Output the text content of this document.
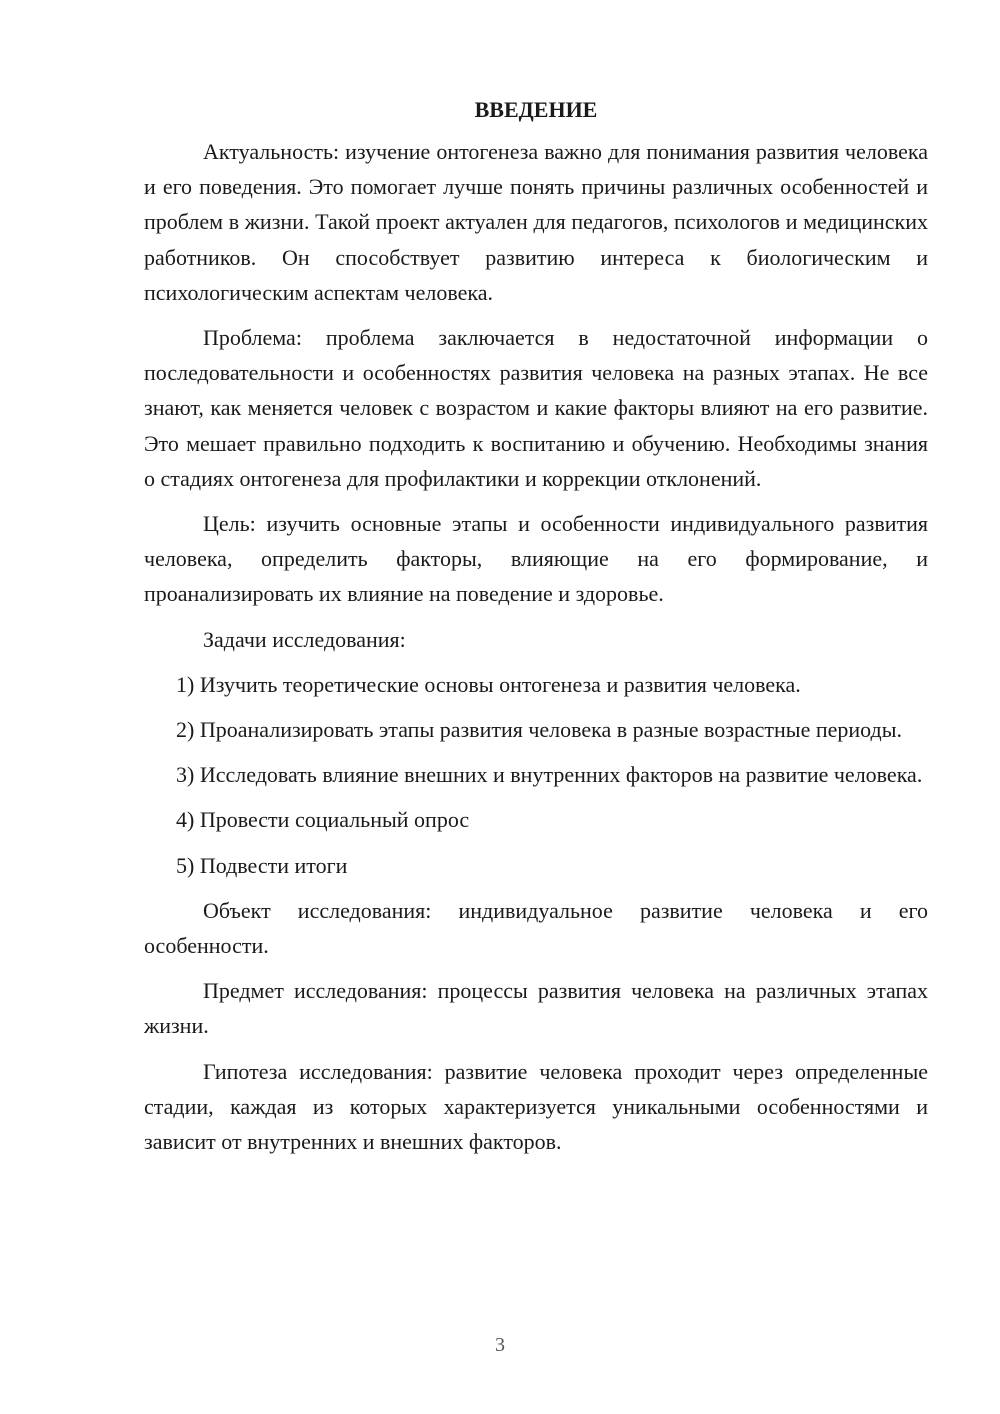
ВВЕДЕНИЕ

Актуальность: изучение онтогенеза важно для понимания развития человека и его поведения. Это помогает лучше понять причины различных особенностей и проблем в жизни. Такой проект актуален для педагогов, психологов и медицинских работников. Он способствует развитию интереса к биологическим и психологическим аспектам человека.

Проблема: проблема заключается в недостаточной информации о последовательности и особенностях развития человека на разных этапах. Не все знают, как меняется человек с возрастом и какие факторы влияют на его развитие. Это мешает правильно подходить к воспитанию и обучению. Необходимы знания о стадиях онтогенеза для профилактики и коррекции отклонений.

Цель: изучить основные этапы и особенности индивидуального развития человека, определить факторы, влияющие на его формирование, и проанализировать их влияние на поведение и здоровье.

Задачи исследования:

1) Изучить теоретические основы онтогенеза и развития человека.

2) Проанализировать этапы развития человека в разные возрастные периоды.

3) Исследовать влияние внешних и внутренних факторов на развитие человека.

4) Провести социальный опрос

5) Подвести итоги

Объект исследования: индивидуальное развитие человека и его особенности.

Предмет исследования: процессы развития человека на различных этапах жизни.

Гипотеза исследования: развитие человека проходит через определенные стадии, каждая из которых характеризуется уникальными особенностями и зависит от внутренних и внешних факторов.

3
